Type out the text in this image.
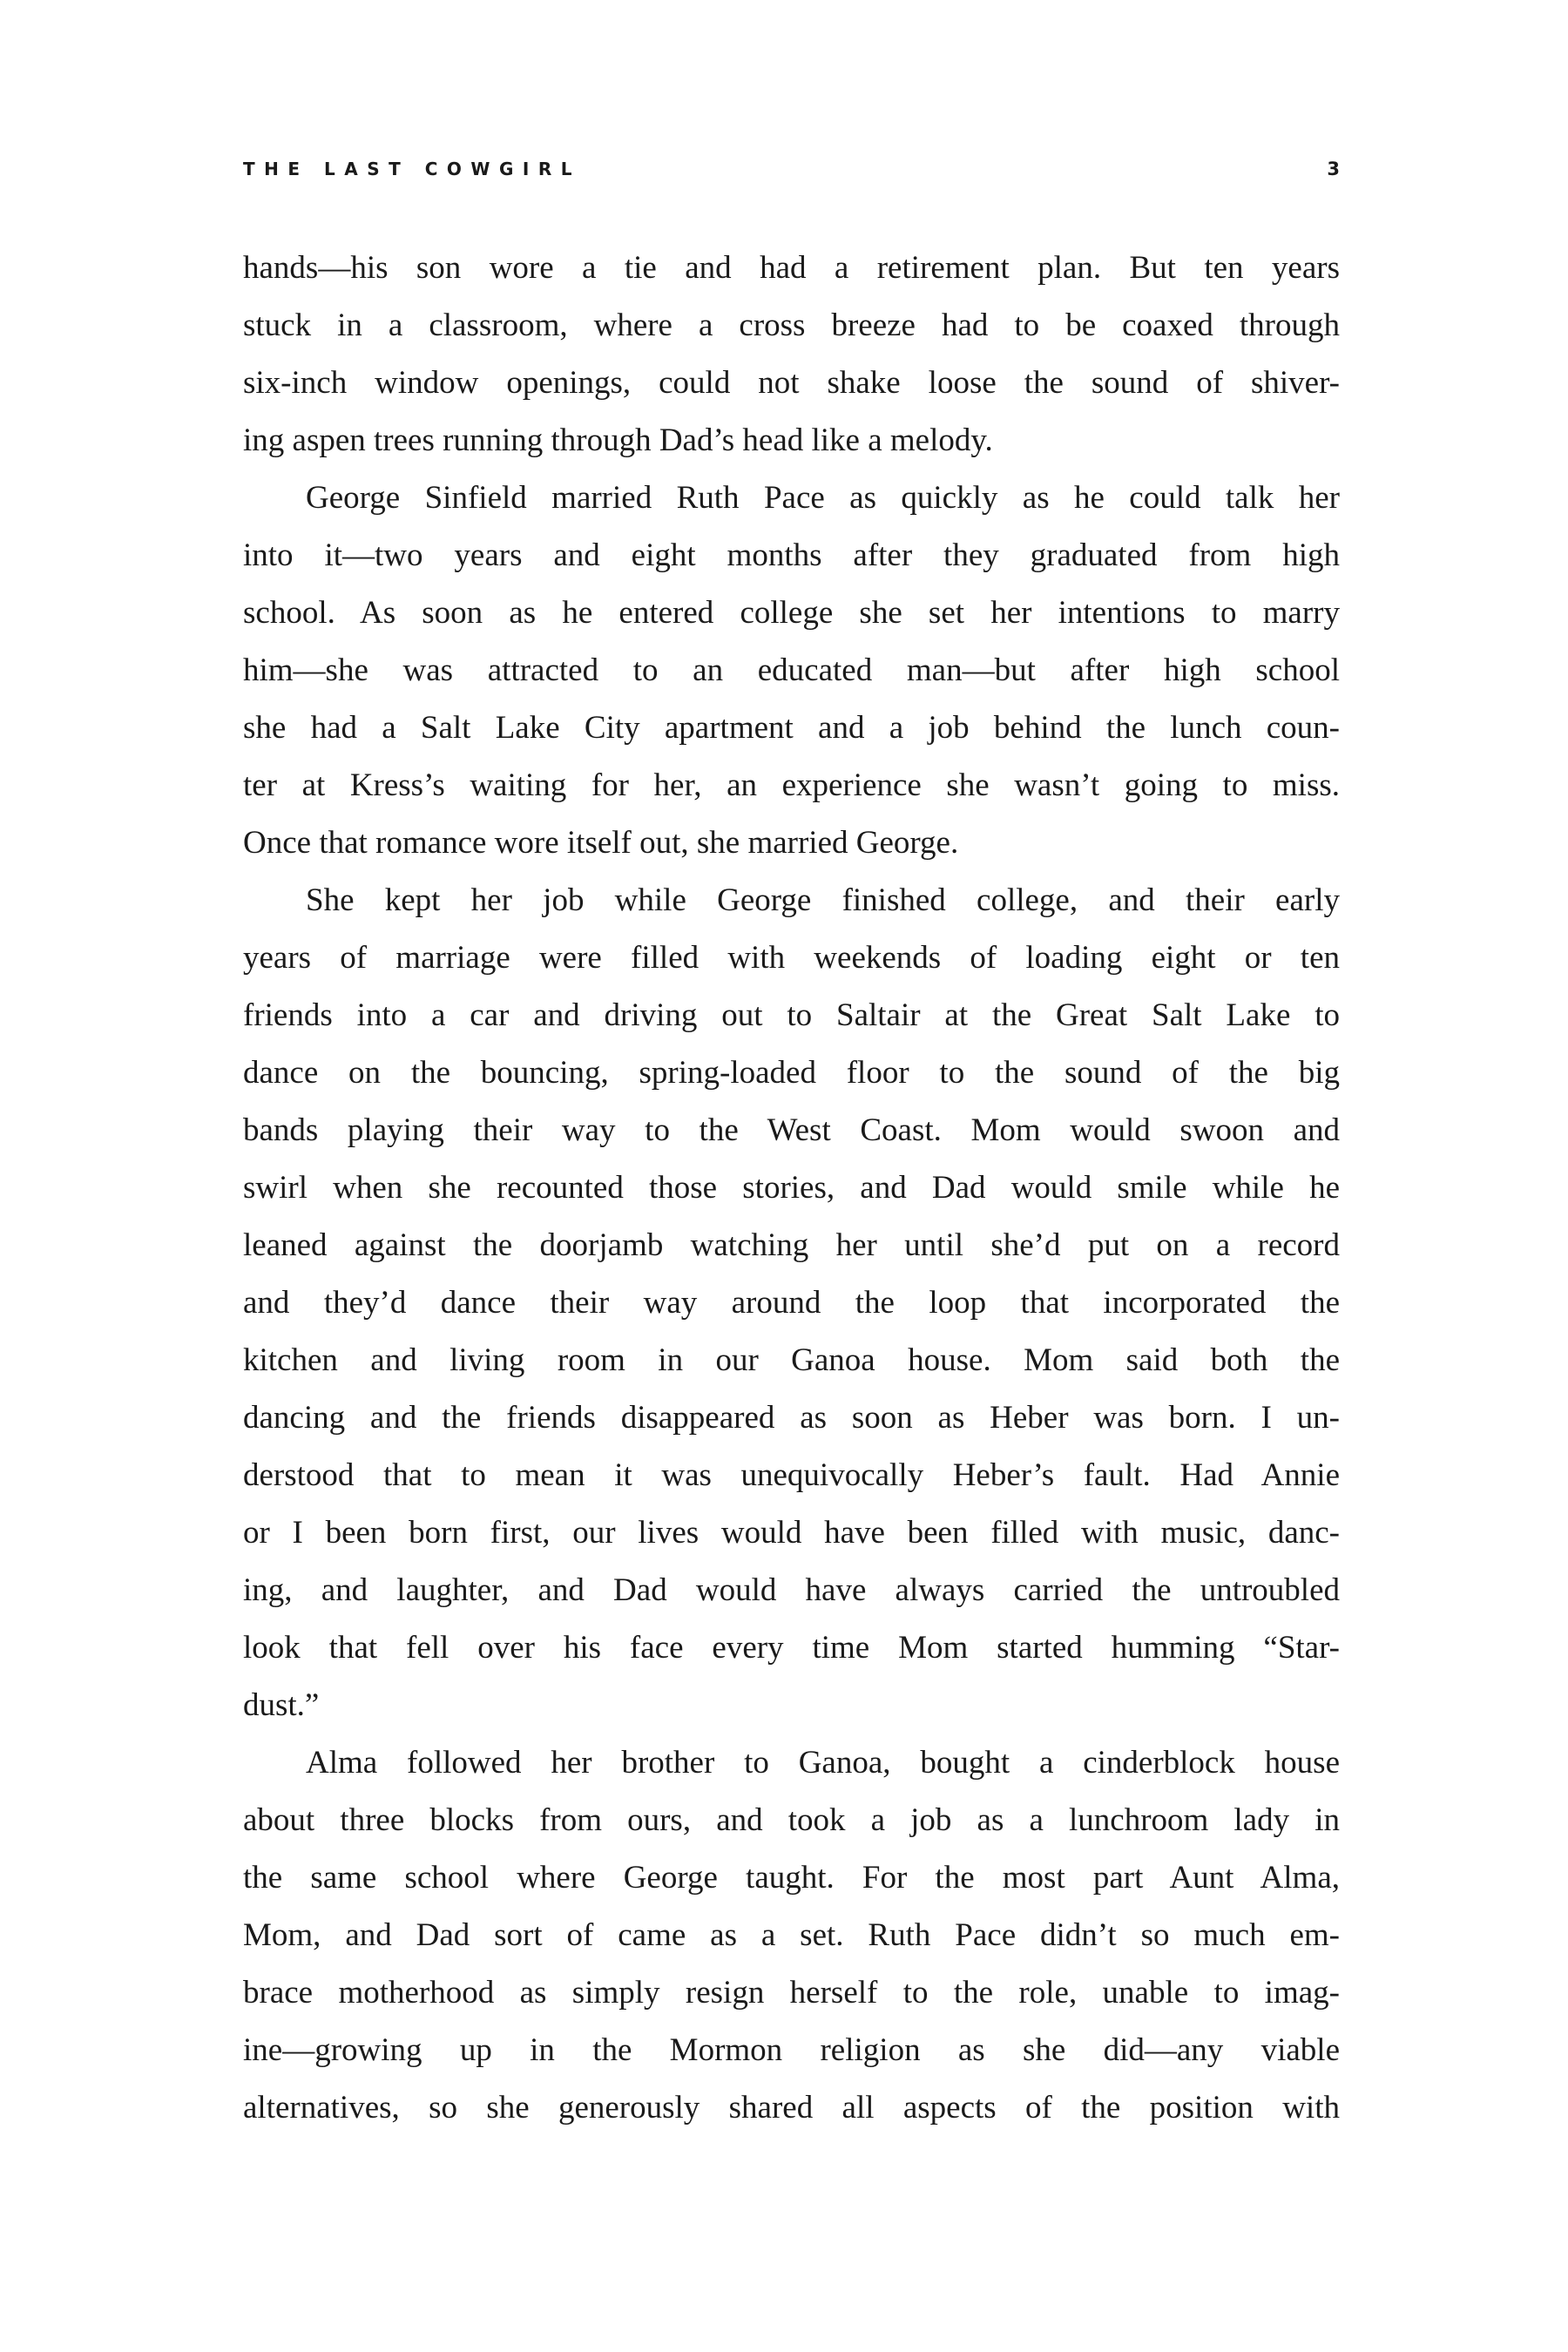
THE LAST COWGIRL	3
hands—his son wore a tie and had a retirement plan. But ten years
stuck in a classroom, where a cross breeze had to be coaxed through
six-inch window openings, could not shake loose the sound of shiver-
ing aspen trees running through Dad’s head like a melody.
George Sinfield married Ruth Pace as quickly as he could talk her
into it—two years and eight months after they graduated from high
school. As soon as he entered college she set her intentions to marry
him—she was attracted to an educated man—but after high school
she had a Salt Lake City apartment and a job behind the lunch coun-
ter at Kress’s waiting for her, an experience she wasn’t going to miss.
Once that romance wore itself out, she married George.
She kept her job while George finished college, and their early
years of marriage were filled with weekends of loading eight or ten
friends into a car and driving out to Saltair at the Great Salt Lake to
dance on the bouncing, spring-loaded floor to the sound of the big
bands playing their way to the West Coast. Mom would swoon and
swirl when she recounted those stories, and Dad would smile while he
leaned against the doorjamb watching her until she’d put on a record
and they’d dance their way around the loop that incorporated the
kitchen and living room in our Ganoa house. Mom said both the
dancing and the friends disappeared as soon as Heber was born. I un-
derstood that to mean it was unequivocally Heber’s fault. Had Annie
or I been born first, our lives would have been filled with music, danc-
ing, and laughter, and Dad would have always carried the untroubled
look that fell over his face every time Mom started humming “Star-
dust.”
Alma followed her brother to Ganoa, bought a cinderblock house
about three blocks from ours, and took a job as a lunchroom lady in
the same school where George taught. For the most part Aunt Alma,
Mom, and Dad sort of came as a set. Ruth Pace didn’t so much em-
brace motherhood as simply resign herself to the role, unable to imag-
ine—growing up in the Mormon religion as she did—any viable
alternatives, so she generously shared all aspects of the position with
